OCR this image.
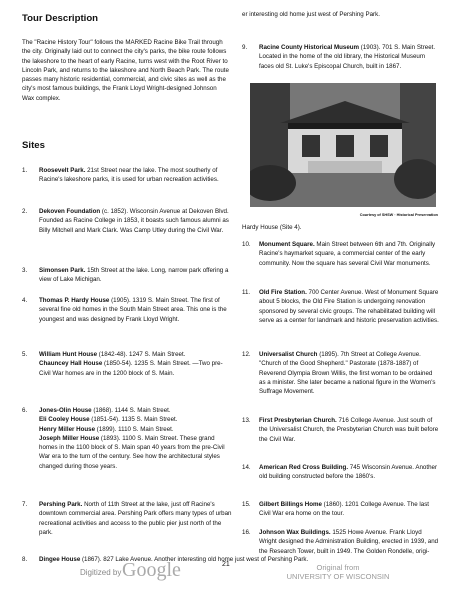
Tour Description

The "Racine History Tour" follows the MARKED Racine Bike Trail through the city. Originally laid out to connect the city's parks, the bike route follows the lakeshore to the heart of early Racine, turns west with the Root River to Lincoln Park, and returns to the lakeshore and North Beach Park. The route passes many historic residential, commercial, and civic sites as well as the city's most famous buildings, the Frank Lloyd Wright-designed Johnson Wax complex.

Sites
1.	Roosevelt Park. 21st Street near the lake. The most southerly of Racine's lakeshore parks, it is used for urban recreation activities.
2.	Dekoven Foundation (c. 1852). Wisconsin Avenue at Dekoven Blvd. Founded as Racine College in 1853, it boasts such famous alumni as Billy Mitchell and Mark Clark. Was Camp Utley during the Civil War.
3.	Simonsen Park. 15th Street at the lake. Long, narrow park offering a view of Lake Michigan.
4.	Thomas P. Hardy House (1905). 1319 S. Main Street. The first of several fine old homes in the South Main Street area. This one is the youngest and was designed by Frank Lloyd Wright.
5.	William Hunt House (1842-48). 1247 S. Main Street.
Chauncey Hall House (1850-54). 1235 S. Main Street. —Two pre-Civil War homes are in the 1200 block of S. Main.
6.	Jones-Olin House (1868). 1144 S. Main Street.
Eli Cooley House (1851-54). 1135 S. Main Street.
Henry Miller House (1899). 1110 S. Main Street.
Joseph Miller House (1893). 1100 S. Main Street. These grand homes in the 1100 block of S. Main span 40 years from the pre-Civil War era to the turn of the century. See how the architectural styles changed during those years.
7.	Pershing Park. North of 11th Street at the lake, just off Racine's downtown commercial area. Pershing Park offers many types of urban recreational activities and access to the public pier just north of the park.
8.	Dingee House (1867). 827 Lake Avenue. Another interesting old home just west of Pershing Park.
er interesting old home just west of Pershing Park.
9.	Racine County Historical Museum (1903). 701 S. Main Street. Located in the home of the old library, the Historical Museum faces old St. Luke's Episcopal Church, built in 1867.
10.	Monument Square. Main Street between 6th and 7th. Originally Racine's haymarket square, a commercial center of the early community. Now the square has several Civil War monuments.
11.	Old Fire Station. 700 Center Avenue. West of Monument Square about 5 blocks, the Old Fire Station is undergoing renovation sponsored by several civic groups. The rehabilitated building will serve as a center for landmark and historic preservation activities.
12.	Universalist Church (1895). 7th Street at College Avenue. "Church of the Good Shepherd." Pastorate (1878-1887) of Reverend Olympia Brown Willis, the first woman to be ordained as a minister. She later became a national figure in the Women's Suffrage Movement.
13.	First Presbyterian Church. 716 College Avenue. Just south of the Universalist Church, the Presbyterian Church was built before the Civil War.
14.	American Red Cross Building. 745 Wisconsin Avenue. Another old building constructed before the 1860's.
15.	Gilbert Billings Home (1860). 1201 College Avenue. The last Civil War era home on the tour.
16.	Johnson Wax Buildings. 1525 Howe Avenue. Frank Lloyd Wright designed the Administration Building, erected in 1939, and the Research Tower, built in 1949. The Golden Rondelle, origi-
Courtesy of SHSW · Historical Preservation
Hardy House (Site 4).
21
Digitized by Google	Original from
UNIVERSITY OF WISCONSIN
